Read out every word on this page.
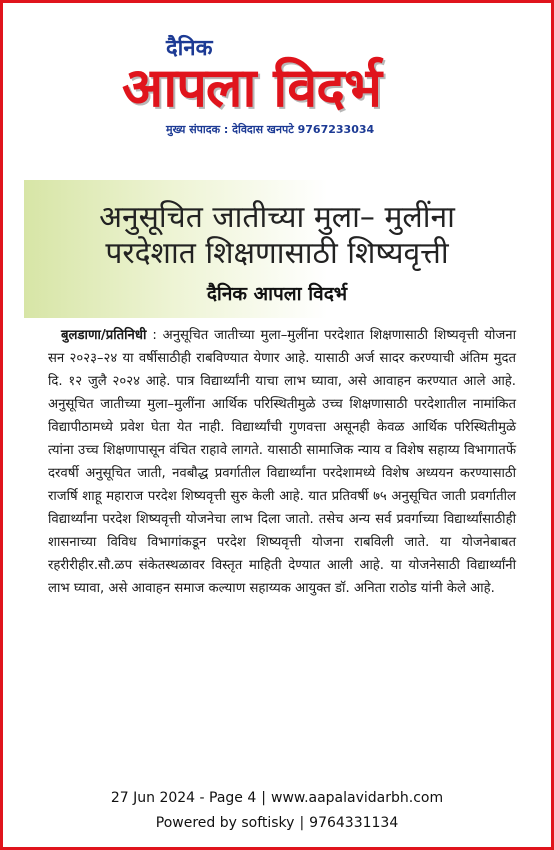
दैनिक
आपला विदर्भ
मुख्य संपादक : देविदास खनपटे 9767233034
अनुसूचित जातीच्या मुला– मुलींना
परदेशात शिक्षणासाठी शिष्यवृत्ती
दैनिक आपला विदर्भ

बुलडाणा/प्रतिनिधी : अनुसूचित जातीच्या मुला–मुलींना परदेशात शिक्षणासाठी शिष्यवृत्ती योजना सन २०२३–२४ या वर्षीसाठीही राबविण्यात येणार आहे. यासाठी अर्ज सादर करण्याची अंतिम मुदत दि. १२ जुलै २०२४ आहे. पात्र विद्यार्थ्यांनी याचा लाभ घ्यावा, असे आवाहन करण्यात आले आहे. अनुसूचित जातीच्या मुला–मुलींना आर्थिक परिस्थितीमुळे उच्च शिक्षणासाठी परदेशातील नामांकित विद्यापीठामध्ये प्रवेश घेता येत नाही. विद्यार्थ्यांची गुणवत्ता असूनही केवळ आर्थिक परिस्थितीमुळे त्यांना उच्च शिक्षणापासून वंचित राहावे लागते. यासाठी सामाजिक न्याय व विशेष सहाय्य विभागातर्फे दरवर्षी अनुसूचित जाती, नवबौद्ध प्रवर्गातील विद्यार्थ्यांना परदेशामध्ये विशेष अध्ययन करण्यासाठी राजर्षि शाहू महाराज परदेश शिष्यवृत्ती सुरु केली आहे. यात प्रतिवर्षी ७५ अनुसूचित जाती प्रवर्गातील विद्यार्थ्यांना परदेश शिष्यवृत्ती योजनेचा लाभ दिला जातो. तसेच अन्य सर्व प्रवर्गाच्या विद्यार्थ्यांसाठीही शासनाच्या विविध विभागांकडून परदेश शिष्यवृत्ती योजना राबविली जाते. या योजनेबाबत रहरीरीहीर.सौ.ळप संकेतस्थळावर विस्तृत माहिती देण्यात आली आहे. या योजनेसाठी विद्यार्थ्यांनी लाभ घ्यावा, असे आवाहन समाज कल्याण सहाय्यक आयुक्त डॉ. अनिता राठोड यांनी केले आहे.

27 Jun 2024 - Page 4 | www.aapalavidarbh.com
Powered by softisky | 9764331134
